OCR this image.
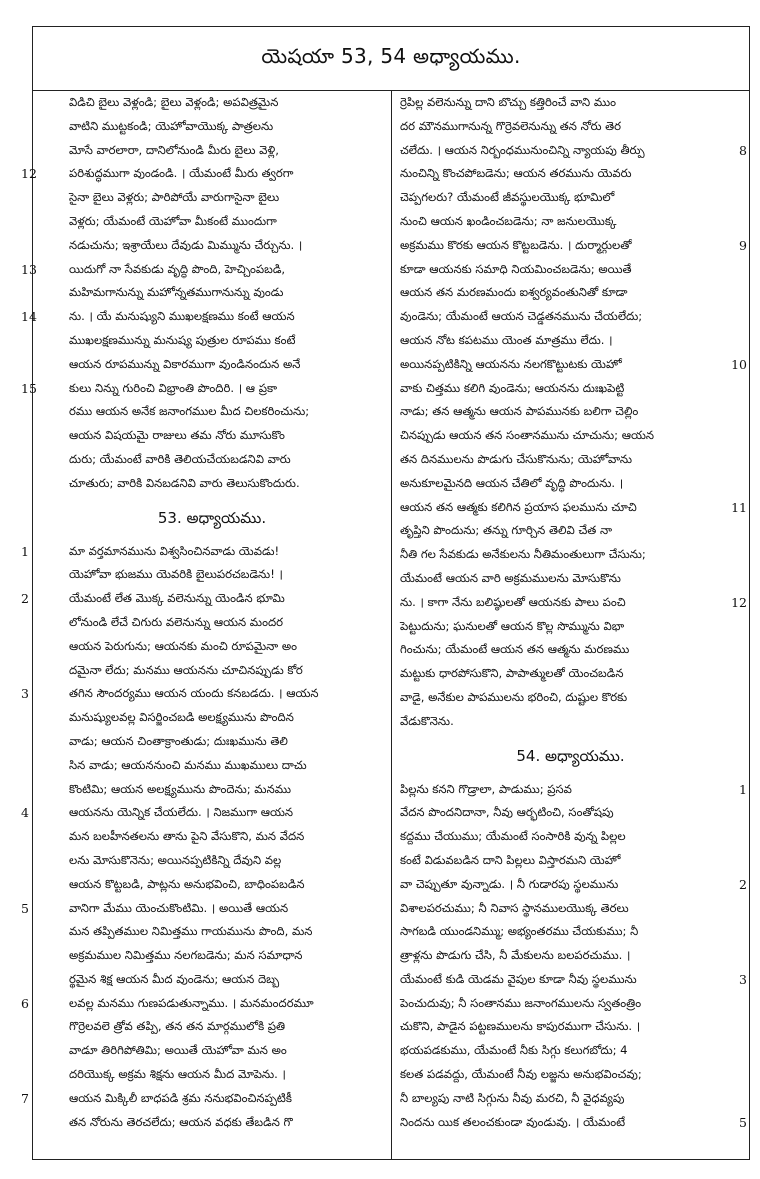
యెషయా 53, 54 అధ్యాయము.
విడిచి బైలు వెళ్లండి; బైలు వెళ్లండి; అపవిత్రమైన
వాటిని ముట్టకండి; యెహోవాయొక్క పాత్రలను
మోసే వారలారా, దానిలోనుండి మీరు బైలు వెళ్లి,
పరిశుద్ధముగా వుండండి. । యేమంటే మీరు త్వరగా
12
సైనా బైలు వెళ్లరు; పారిపోయే వారుగాసైనా బైలు
వెళ్లరు; యేమంటే యెహోవా మీకంటే ముందుగా
నడుచును; ఇశ్రాయేలు దేవుడు మిమ్మును చేర్చును. ।
యిదుగో నా సేవకుడు వృద్ధి పొంది, హెచ్చింపబడి,
13
మహిమగానున్ను మహోన్నతముగానున్ను వుండు
ను. । యే మనుష్యుని ముఖలక్షణము కంటే ఆయన
14
ముఖలక్షణమున్ను మనుష్య పుత్రుల రూపము కంటే
ఆయన రూపమున్ను వికారముగా వుండినందున అనే
కులు నిన్ను గురించి విభ్రాంతి పొందిరి. । ఆ ప్రకా
15
రము ఆయన అనేక జనాంగముల మీద చిలకరించును;
ఆయన విషయమై రాజులు తమ నోరు మూసుకొం
దురు; యేమంటే వారికి తెలియచేయబడనివి వారు
చూతురు; వారికి వినబడనివి వారు తెలుసుకొందురు.
53. అధ్యాయము.
మా వర్తమానమును విశ్వసించినవాడు యెవడు!
1
యెహోవా భుజము యెవరికి బైలుపరచబడెను! ।
యేమంటే లేత మొక్క వలెనున్ను యెండిన భూమి
2
లోనుండి లేచే చిగురు వలెనున్ను ఆయన మందర
ఆయన పెరుగును; ఆయనకు మంచి రూపమైనా అం
దమైనా లేదు; మనము ఆయనను చూచినప్పుడు కోర
తగిన సౌందర్యము ఆయన యందు కనబడదు. । ఆయన
3
మనుష్యులవల్ల విసర్జించబడి అలక్ష్యమును పొందిన
వాడు; ఆయన చింతాక్రాంతుడు; దుఃఖమును తెలి
సిన వాడు; ఆయననుంచి మనము ముఖములు దాచు
కొంటిమి; ఆయన అలక్ష్యమును పొందెను; మనము
ఆయనను యెన్నిక చేయలేదు. । నిజముగా ఆయన
4
మన బలహీనతలను తాను పైని వేసుకొని, మన వేదన
లను మోసుకొనెను; అయినప్పటికిన్ని దేవుని వల్ల
ఆయన కొట్టబడి, పాట్లను అనుభవించి, బాధింపబడిన
వానిగా మేము యెంచుకొంటిమి. । అయితే ఆయన
5
మన తప్పితముల నిమిత్తము గాయమును పొంది, మన
అక్రమముల నిమిత్తము నలగబడెను; మన సమాధాన
ర్థమైన శిక్ష ఆయన మీద వుండెను; ఆయన దెబ్బ
లవల్ల మనము గుణపడుతున్నాము. । మనమందరమూ
6
గొర్రెలవలె త్రోవ తప్పి, తన తన మార్గములోకి ప్రతి
వాడూ తిరిగిపోతిమి; అయితే యెహోవా మన అం
దరియొక్క అక్రమ శిక్షను ఆయన మీద మోపెను. ।
ఆయన మిక్కిలీ బాధపడి శ్రమ ననుభవించినప్పటికీ
7
తన నోరును తెరచలేదు; ఆయన వధకు తేబడిన గొ
ర్రెపిల్ల వలెనున్ను దాని బొచ్చు కత్తిరించే వాని ముం
దర మౌనముగానున్న గొర్రెవలెనున్ను తన నోరు తెర
చలేదు. । ఆయన నిర్బంధమునుంచిన్ని న్యాయపు తీర్పు	8
నుంచిన్ని కొంచపోబడెను; ఆయన తరమును యెవరు
చెప్పగలరు? యేమంటే జీవస్థులయొక్క భూమిలో
నుంచి ఆయన ఖండించబడెను; నా జనులయొక్క
అక్రమము కొరకు ఆయన కొట్టబడెను. । దుర్మార్గులతో	9
కూడా ఆయనకు సమాధి నియమించబడెను; అయితే
ఆయన తన మరణమందు ఐశ్వర్యవంతునితో కూడా
వుండెను; యేమంటే ఆయన చెడ్డతనమును చేయలేదు;
ఆయన నోట కపటము యెంత మాత్రము లేదు. ।
అయినప్పటికిన్ని ఆయనను నలగకొట్టుటకు యెహో	10
వాకు చిత్తము కలిగి వుండెను; ఆయనను దుఃఖపెట్టి
నాడు; తన ఆత్మను ఆయన పాపమునకు బలిగా చెల్లిం
చినప్పుడు ఆయన తన సంతానమును చూచును; ఆయన
తన దినములను పొడుగు చేసుకొనును; యెహోవాను
అనుకూలమైనది ఆయన చేతిలో వృద్ధి పొందును. ।
ఆయన తన ఆత్మకు కలిగిన ప్రయాస ఫలమును చూచి	11
తృప్తిని పొందును; తన్ను గూర్చిన తెలివి చేత నా
నీతి గల సేవకుడు అనేకులను నీతిమంతులుగా చేసును;
యేమంటే ఆయన వారి అక్రమములను మోసుకొను
ను. । కాగా నేను బలిష్ఠులతో ఆయనకు పాలు పంచి	12
పెట్టుదును; ఘనులతో ఆయన కొల్ల సొమ్మును విభా
గించును; యేమంటే ఆయన తన ఆత్మను మరణము
మట్టుకు ధారపోసుకొని, పాపాత్ములతో యెంచబడిన
వాడై, అనేకుల పాపములను భరించి, దుష్టుల కొరకు
వేడుకొనెను.
54. అధ్యాయము.
పిల్లను కనని గొడ్రాలా, పాడుము; ప్రసవ	1
వేదన పొందనిదానా, నీవు ఆర్భటించి, సంతోషపు
కద్దము చేయుము; యేమంటే సంసారికి వున్న పిల్లల
కంటే విడువబడిన దాని పిల్లలు విస్తారమని యెహో
వా చెప్పుతూ వున్నాడు. । నీ గుడారపు స్థలమును	2
విశాలపరచుము; నీ నివాస స్థానములయొక్క తెరలు
సాగబడి యుండనిమ్ము; అభ్యంతరము చేయకుము; నీ
త్రాళ్లను పొడుగు చేసి, నీ మేకులను బలపరచుము. ।
యేమంటే కుడి యెడమ వైపుల కూడా నీవు స్థలమును	3
పెంచుదువు; నీ సంతానము జనాంగములను స్వతంత్రిం
చుకొని, పాడైన పట్టణములను కాపురముగా చేసును. ।
భయపడకుము, యేమంటే నీకు సిగ్గు కలుగబోదు; 4
కలత పడవద్దు, యేమంటే నీవు లజ్జను అనుభవించవు;
నీ బాల్యపు నాటి సిగ్గును నీవు మరచి, నీ వైధవ్యపు
నిందను యిక తలంచకుండా వుండువు. । యేమంటే	5
